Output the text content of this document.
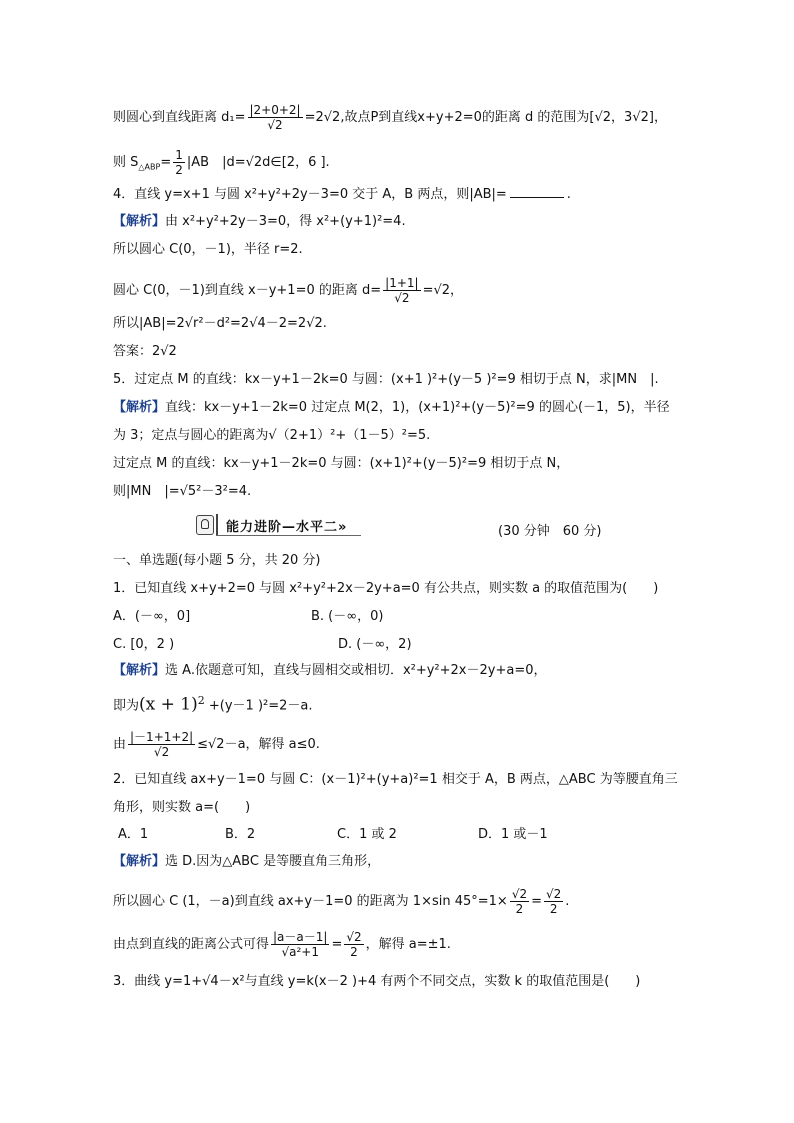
则圆心到直线距离 $d_1= \frac{|2+0+2|}{√2} =2√2$,故点P到直线x+y+2=0的距离 d 的范围为[√2，3√2]，
则 $S_{\triangle ABP}= \frac{1}{2} |AB$　|d=√2d∈[2，6 ].
4．直线 y=x+1 与圆 x²+y²+2y－3=0 交于 A，B 两点，则|AB|=	.
【解析】由 x²+y²+2y－3=0，得 x²+(y+1)²=4.
所以圆心 C(0，－1)，半径 r=2.
圆心 C(0，－1)到直线 x－y+1=0 的距离 $d= \frac{|1+1|}{√2} =√2$，
所以|AB|=2√r²－d²=2√4－2=2√2.
答案：2√2
5．过定点 M 的直线：kx－y+1－2k=0 与圆：(x+1 )²+(y－5 )²=9 相切于点 N，求|MN　|.
【解析】直线：kx－y+1－2k=0 过定点 M(2，1)，(x+1)²+(y－5)²=9 的圆心(－1，5)，半径
为 3；定点与圆心的距离为√（2+1）²+（1－5）²=5.
过定点 M 的直线：kx－y+1－2k=0 与圆：(x+1)²+(y－5)²=9 相切于点 N，
则|MN　|=√5²－3²=4.
能力进阶—水平二»	(30 分钟　60 分)
一、单选题(每小题 5 分，共 20 分)
1．已知直线 x+y+2=0 与圆 x²+y²+2x－2y+a=0 有公共点，则实数 a 的取值范围为(　　)
A．(－∞，0]	B. (－∞，0)
C. [0，2 )	D. (－∞，2)
【解析】选 A.依题意可知，直线与圆相交或相切．x²+y²+2x－2y+a=0，
即为$(x + 1)^2 +(y-1$ )²=2－a.
由 $\frac{|-1+1+2|}{√2} \le√2-a$，解得 a≤0.
2．已知直线 ax+y－1=0 与圆 C：(x－1)²+(y+a)²=1 相交于 A，B 两点，△ABC 为等腰直角三
角形，则实数 a=(　　)
A．1	B．2	C．1 或 2	D．1 或－1
【解析】选 D.因为△ABC 是等腰直角三角形，
所以圆心 C (1，－a)到直线 ax+y－1=0 的距离为 1×sin $45^\circ=1\times \frac{√2}{2} = \frac{√2}{2}$ .
由点到直线的距离公式可得 $\frac{|a-a-1|}{\text{√a²+1}} = \frac{√2}{2}$ ，解得 a=±1.
3．曲线 y=1+√4－x²与直线 y=k(x－2 )+4 有两个不同交点，实数 k 的取值范围是(　　)
